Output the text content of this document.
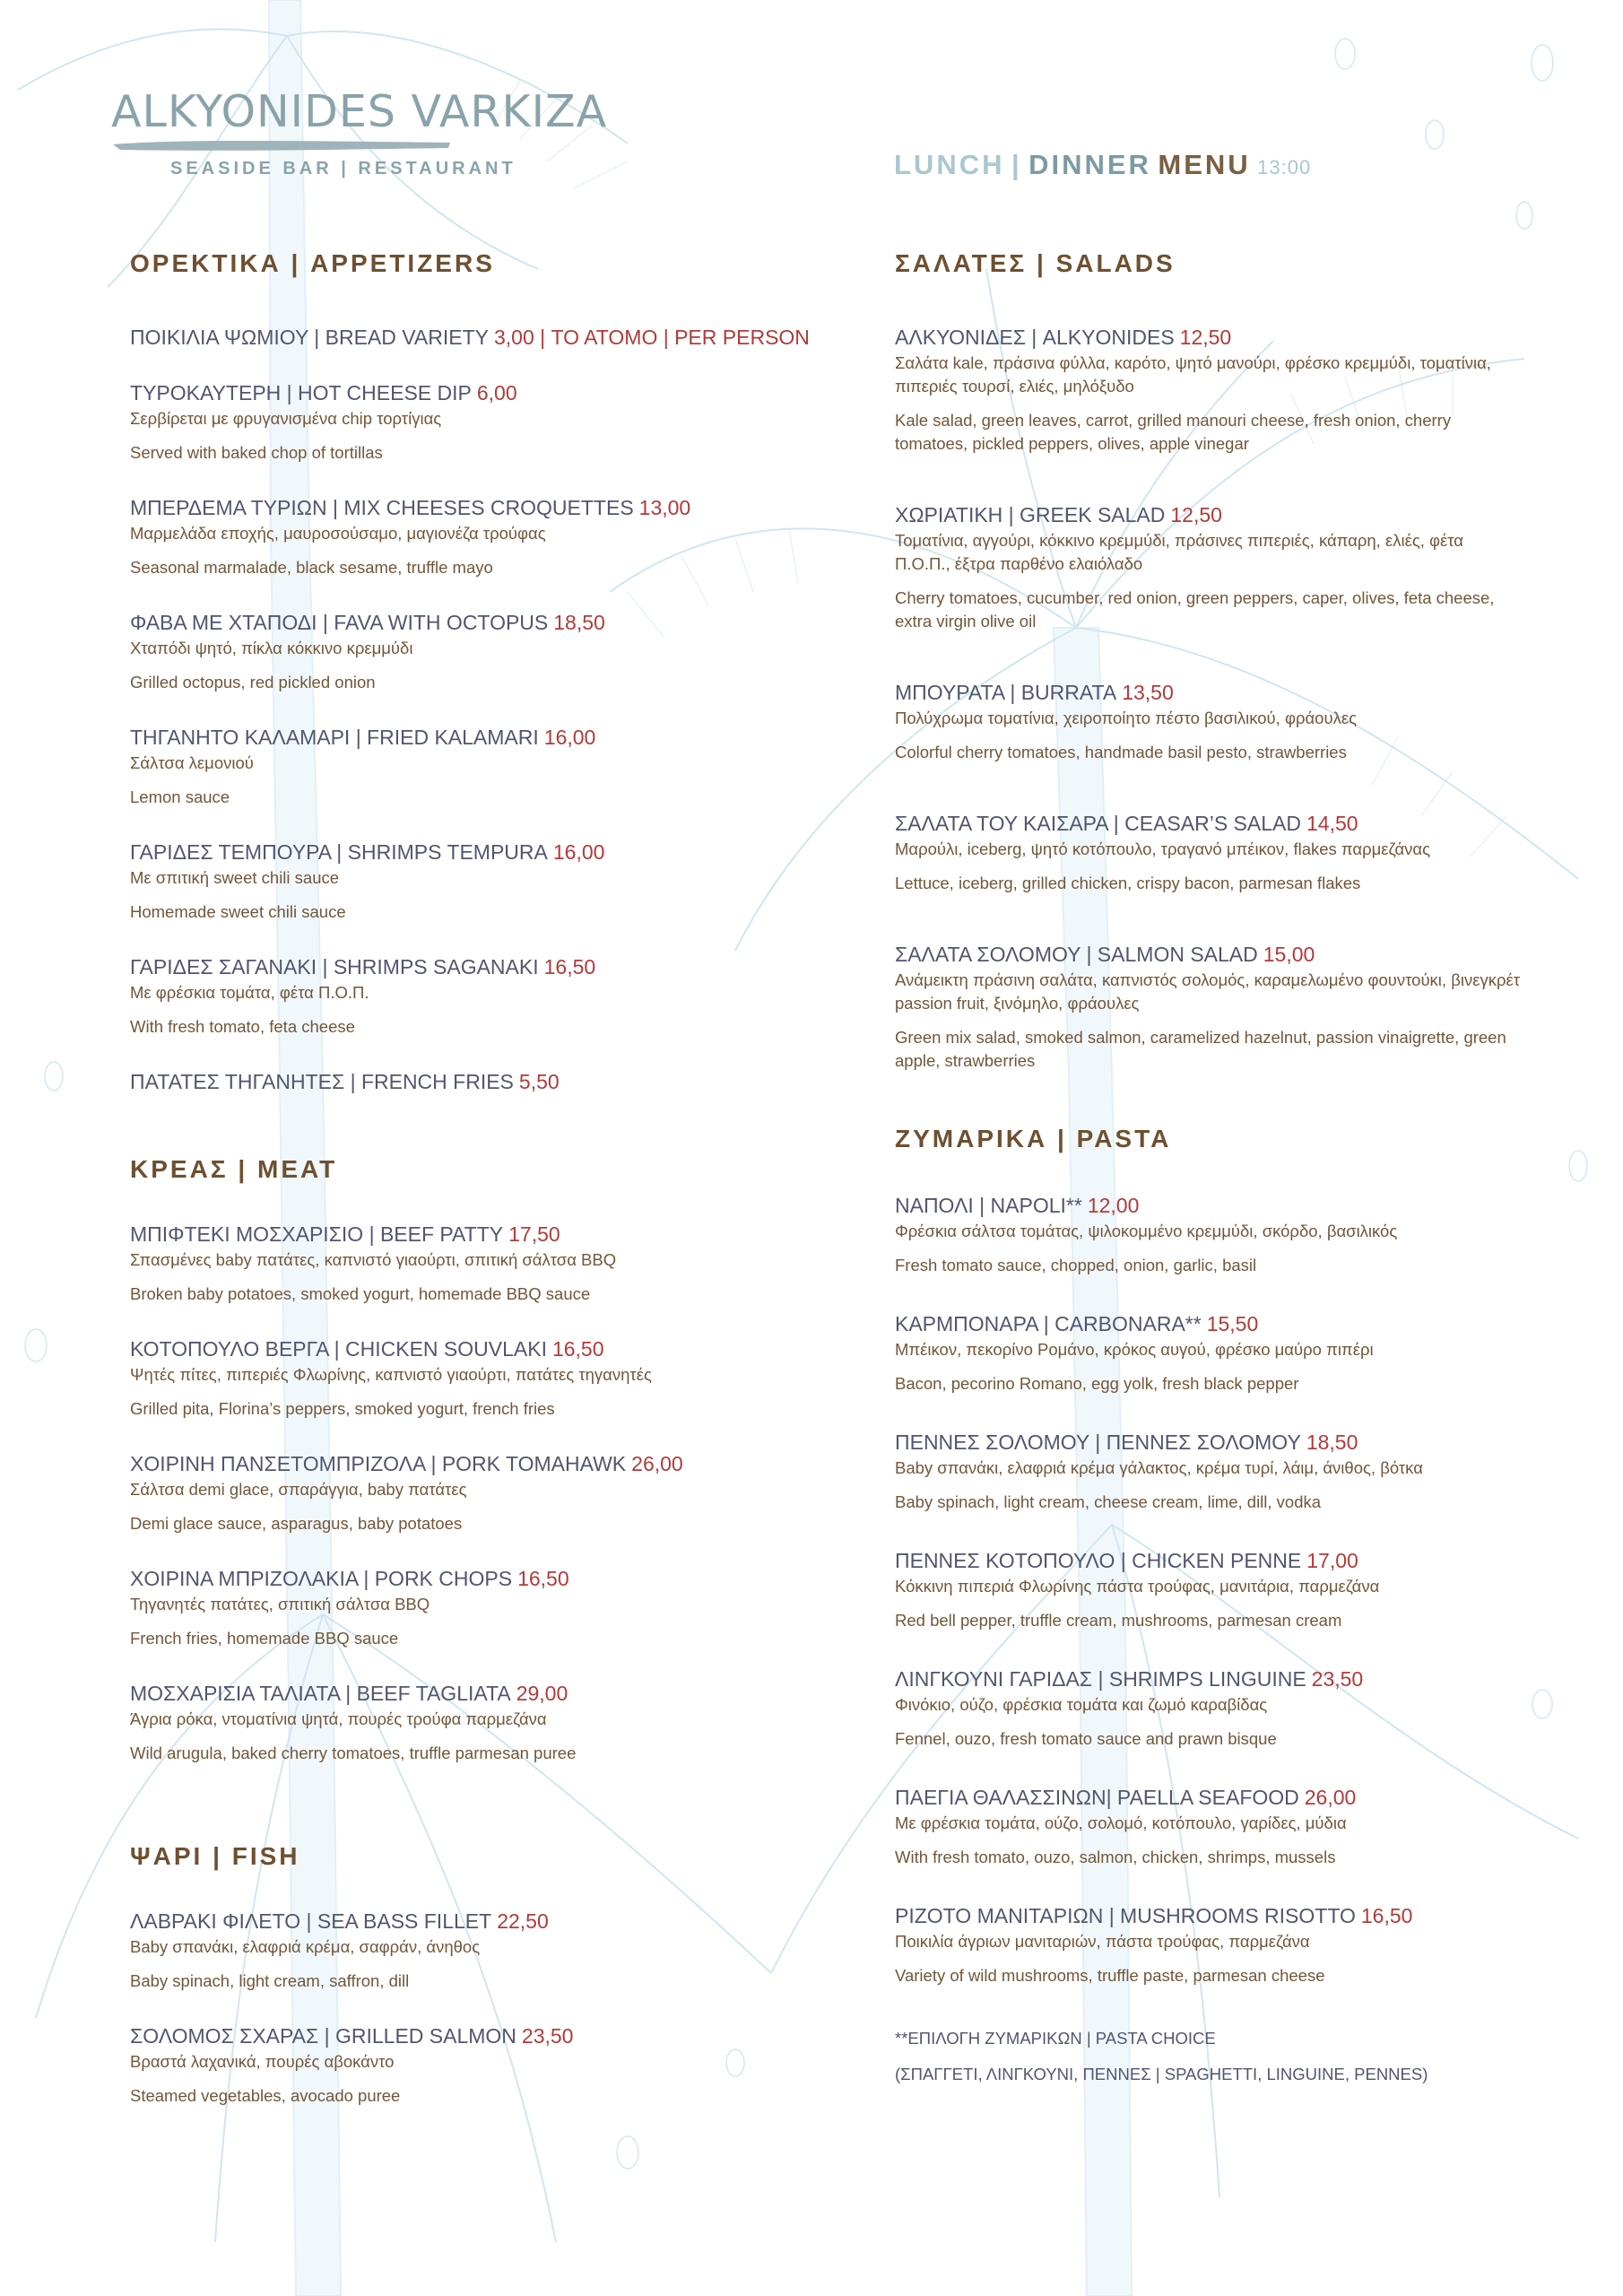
ALKYONIDES VARKIZA
SEASIDE BAR | RESTAURANT	LUNCH | DINNER MENU 13:00
ΟΡΕΚΤΙΚΑ | APPETIZERS
ΠΟΙΚΙΛΙΑ ΨΩΜΙΟΥ | BREAD VARIETY 3,00 | ΤΟ ΑΤΟΜΟ | PER PERSON
ΤΥΡΟΚΑΥΤΕΡΗ | HOT CHEESE DIP 6,00
Σερβίρεται με φρυγανισμένα chip τορτίγιας
Served with baked chop of tortillas
ΜΠΕΡΔΕΜΑ ΤΥΡΙΩΝ | MIX CHEESES CROQUETTES 13,00
Μαρμελάδα εποχής, μαυροσούσαμο, μαγιονέζα τρούφας
Seasonal marmalade, black sesame, truffle mayo
ΦΑΒΑ ΜΕ ΧΤΑΠΟΔΙ | FAVA WITH OCTOPUS 18,50
Χταπόδι ψητό, πίκλα κόκκινο κρεμμύδι
Grilled octopus, red pickled onion
ΤΗΓΑΝΗΤΟ ΚΑΛΑΜΑΡΙ | FRIED KALAMARI 16,00
Σάλτσα λεμονιού
Lemon sauce
ΓΑΡΙΔΕΣ ΤΕΜΠΟΥΡΑ | SHRIMPS TEMPURA 16,00
Με σπιτική sweet chili sauce
Homemade sweet chili sauce
ΓΑΡΙΔΕΣ ΣΑΓΑΝΑΚΙ | SHRIMPS SAGANAKI 16,50
Με φρέσκια τομάτα, φέτα Π.Ο.Π.
With fresh tomato, feta cheese
ΠΑΤΑΤΕΣ ΤΗΓΑΝΗΤΕΣ | FRENCH FRIES 5,50
ΚΡΕΑΣ | MEAT
ΜΠΙΦΤΕΚΙ ΜΟΣΧΑΡΙΣΙΟ | BEEF PATTY 17,50
Σπασμένες baby πατάτες, καπνιστό γιαούρτι, σπιτική σάλτσα BBQ
Broken baby potatoes, smoked yogurt, homemade BBQ sauce
ΚΟΤΟΠΟΥΛΟ ΒΕΡΓΑ | CHICKEN SOUVLAKI 16,50
Ψητές πίτες, πιπεριές Φλωρίνης, καπνιστό γιαούρτι, πατάτες τηγανητές
Grilled pita, Florina’s peppers, smoked yogurt, french fries
ΧΟΙΡΙΝΗ ΠΑΝΣΕΤΟΜΠΡΙΖΟΛΑ | PORK TOMAHAWK 26,00
Σάλτσα demi glace, σπαράγγια, baby πατάτες
Demi glace sauce, asparagus, baby potatoes
ΧΟΙΡΙΝΑ ΜΠΡΙΖΟΛΑΚΙΑ | PORK CHOPS 16,50
Τηγανητές πατάτες, σπιτική σάλτσα BBQ
French fries, homemade BBQ sauce
ΜΟΣΧΑΡΙΣΙΑ ΤΑΛΙΑΤΑ | BEEF TAGLIATA 29,00
Άγρια ρόκα, ντοματίνια ψητά, πουρές τρούφα παρμεζάνα
Wild arugula, baked cherry tomatoes, truffle parmesan puree
ΨΑΡΙ | FISH
ΛΑΒΡΑΚΙ ΦΙΛΕΤΟ | SEA BASS FILLET 22,50
Baby σπανάκι, ελαφριά κρέμα, σαφράν, άνηθος
Baby spinach, light cream, saffron, dill
ΣΟΛΟΜΟΣ ΣΧΑΡΑΣ | GRILLED SALMON 23,50
Βραστά λαχανικά, πουρές αβοκάντο
Steamed vegetables, avocado puree
ΣΑΛΑΤΕΣ | SALADS
ΑΛΚΥΟΝΙΔΕΣ | ALKYONIDES 12,50
Σαλάτα kale, πράσινα φύλλα, καρότο, ψητό μανούρι, φρέσκο κρεμμύδι, τοματίνια, πιπεριές τουρσί, ελιές, μηλόξυδο
Kale salad, green leaves, carrot, grilled manouri cheese, fresh onion, cherry tomatoes, pickled peppers, olives, apple vinegar
ΧΩΡΙΑΤΙΚΗ | GREEK SALAD 12,50
Τοματίνια, αγγούρι, κόκκινο κρεμμύδι, πράσινες πιπεριές, κάπαρη, ελιές, φέτα Π.Ο.Π., έξτρα παρθένο ελαιόλαδο
Cherry tomatoes, cucumber, red onion, green peppers, caper, olives, feta cheese, extra virgin olive oil
ΜΠΟΥΡΑΤΑ | BURRATA 13,50
Πολύχρωμα τοματίνια, χειροποίητο πέστο βασιλικού, φράουλες
Colorful cherry tomatoes, handmade basil pesto, strawberries
ΣΑΛΑΤΑ ΤΟΥ ΚΑΙΣΑΡΑ | CEASAR’S SALAD 14,50
Μαρούλι, iceberg, ψητό κοτόπουλο, τραγανό μπέικον, flakes παρμεζάνας
Lettuce, iceberg, grilled chicken, crispy bacon, parmesan flakes
ΣΑΛΑΤΑ ΣΟΛΟΜΟΥ | SALMON SALAD 15,00
Ανάμεικτη πράσινη σαλάτα, καπνιστός σολομός, καραμελωμένο φουντούκι, βινεγκρέτ passion fruit, ξινόμηλο, φράουλες
Green mix salad, smoked salmon, caramelized hazelnut, passion vinaigrette, green apple, strawberries
ΖΥΜΑΡΙΚΑ | PASTA
ΝΑΠΟΛΙ | NAPOLI** 12,00
Φρέσκια σάλτσα τομάτας, ψιλοκομμένο κρεμμύδι, σκόρδο, βασιλικός
Fresh tomato sauce, chopped, onion, garlic, basil
ΚΑΡΜΠΟΝΑΡΑ | CARBONARA** 15,50
Μπέικον, πεκορίνο Ρομάνο, κρόκος αυγού, φρέσκο μαύρο πιπέρι
Bacon, pecorino Romano, egg yolk, fresh black pepper
ΠΕΝΝΕΣ ΣΟΛΟΜΟΥ | ΠΕΝΝΕΣ ΣΟΛΟΜΟΥ 18,50
Baby σπανάκι, ελαφριά κρέμα γάλακτος, κρέμα τυρί, λάιμ, άνιθος, βότκα
Baby spinach, light cream, cheese cream, lime, dill, vodka
ΠΕΝΝΕΣ ΚΟΤΟΠΟΥΛΟ | CHICKEN PENNE 17,00
Κόκκινη πιπεριά Φλωρίνης πάστα τρούφας, μανιτάρια, παρμεζάνα
Red bell pepper, truffle cream, mushrooms, parmesan cream
ΛΙΝΓΚΟΥΝΙ ΓΑΡΙΔΑΣ | SHRIMPS LINGUINE 23,50
Φινόκιο, ούζο, φρέσκια τομάτα και ζωμό καραβίδας
Fennel, ouzo, fresh tomato sauce and prawn bisque
ΠΑΕΓΙΑ ΘΑΛΑΣΣΙΝΩΝ| PAELLA SEAFOOD 26,00
Με φρέσκια τομάτα, ούζο, σολομό, κοτόπουλο, γαρίδες, μύδια
With fresh tomato, ouzo, salmon, chicken, shrimps, mussels
ΡΙΖΟΤΟ ΜΑΝΙΤΑΡΙΩΝ | MUSHROOMS RISOTTO 16,50
Ποικιλία άγριων μανιταριών, πάστα τρούφας, παρμεζάνα
Variety of wild mushrooms, truffle paste, parmesan cheese
**ΕΠΙΛΟΓΗ ΖΥΜΑΡΙΚΩΝ | PASTA CHOICE
(ΣΠΑΓΓΕΤΙ, ΛΙΝΓΚΟΥΝΙ, ΠΕΝΝΕΣ | SPAGHETTI, LINGUINE, PENNES)
